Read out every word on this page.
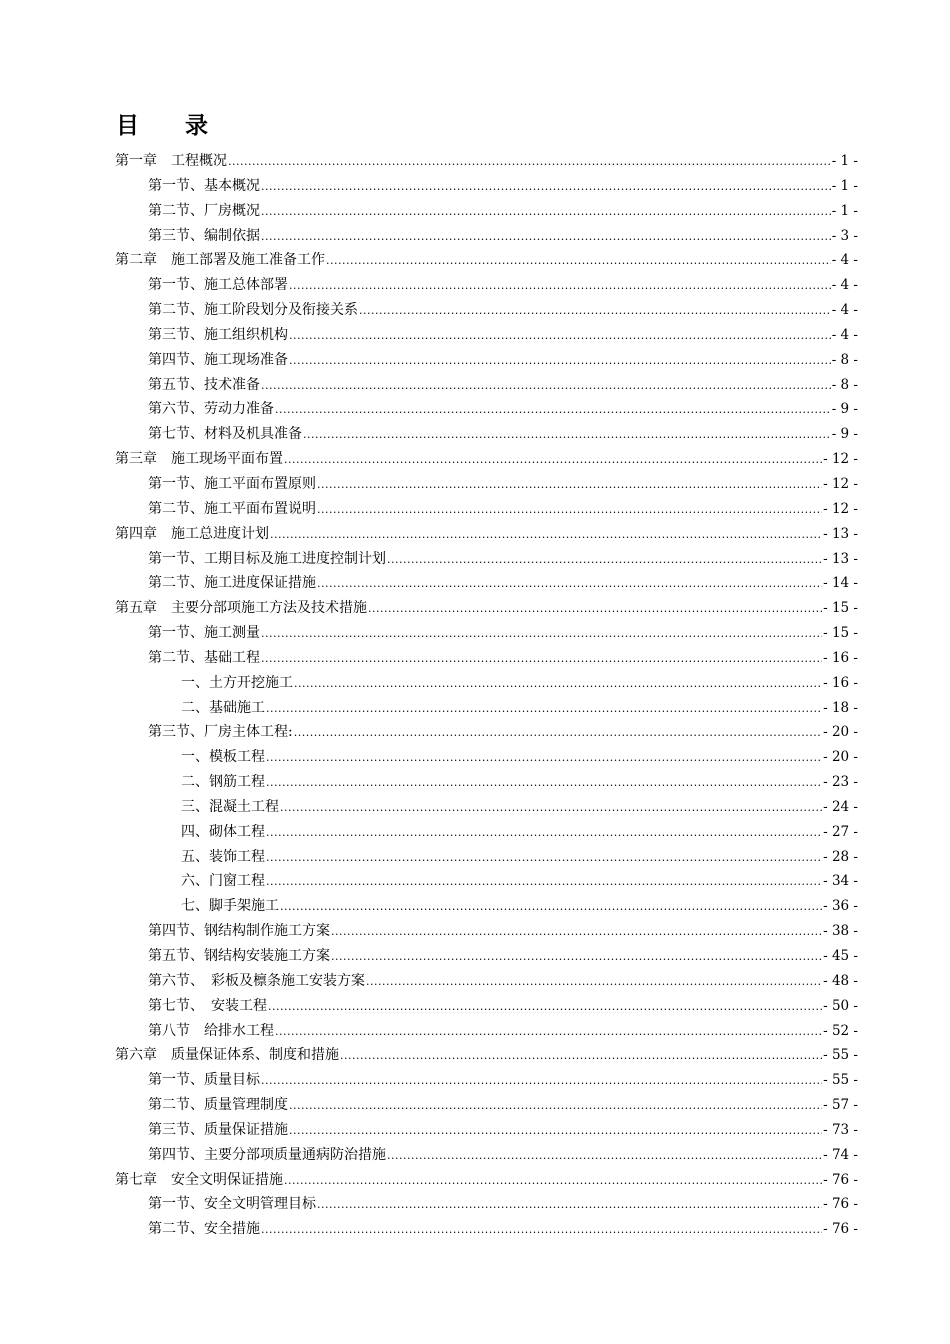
目　　录
第一章　工程概况 .....	- 1 -
第一节、基本概况 .....	- 1 -
第二节、厂房概况 .....	- 1 -
第三节、编制依据 .....	- 3 -
第二章　施工部署及施工准备工作 .....	- 4 -
第一节、施工总体部署 .....	- 4 -
第二节、施工阶段划分及衔接关系 .....	- 4 -
第三节、施工组织机构 .....	- 4 -
第四节、施工现场准备 .....	- 8 -
第五节、技术准备 .....	- 8 -
第六节、劳动力准备 .....	- 9 -
第七节、材料及机具准备 .....	- 9 -
第三章　施工现场平面布置 .....	- 12 -
第一节、施工平面布置原则 .....	- 12 -
第二节、施工平面布置说明 .....	- 12 -
第四章　施工总进度计划 .....	- 13 -
第一节、工期目标及施工进度控制计划 .....	- 13 -
第二节、施工进度保证措施 .....	- 14 -
第五章　主要分部项施工方法及技术措施 .....	- 15 -
第一节、施工测量 .....	- 15 -
第二节、基础工程 .....	- 16 -
一、土方开挖施工 .....	- 16 -
二、基础施工 .....	- 18 -
第三节、厂房主体工程: .....	- 20 -
一、模板工程 .....	- 20 -
二、钢筋工程 .....	- 23 -
三、混凝土工程 .....	- 24 -
四、砌体工程 .....	- 27 -
五、装饰工程 .....	- 28 -
六、门窗工程 .....	- 34 -
七、脚手架施工 .....	- 36 -
第四节、钢结构制作施工方案 .....	- 38 -
第五节、钢结构安装施工方案 .....	- 45 -
第六节、　彩板及檩条施工安装方案 .....	- 48 -
第七节、　安装工程 .....	- 50 -
第八节　给排水工程 .....	- 52 -
第六章　质量保证体系、制度和措施 .....	- 55 -
第一节、质量目标 .....	- 55 -
第二节、质量管理制度 .....	- 57 -
第三节、质量保证措施 .....	- 73 -
第四节、主要分部项质量通病防治措施 .....	- 74 -
第七章　安全文明保证措施 .....	- 76 -
第一节、安全文明管理目标 .....	- 76 -
第二节、安全措施 .....	- 76 -
